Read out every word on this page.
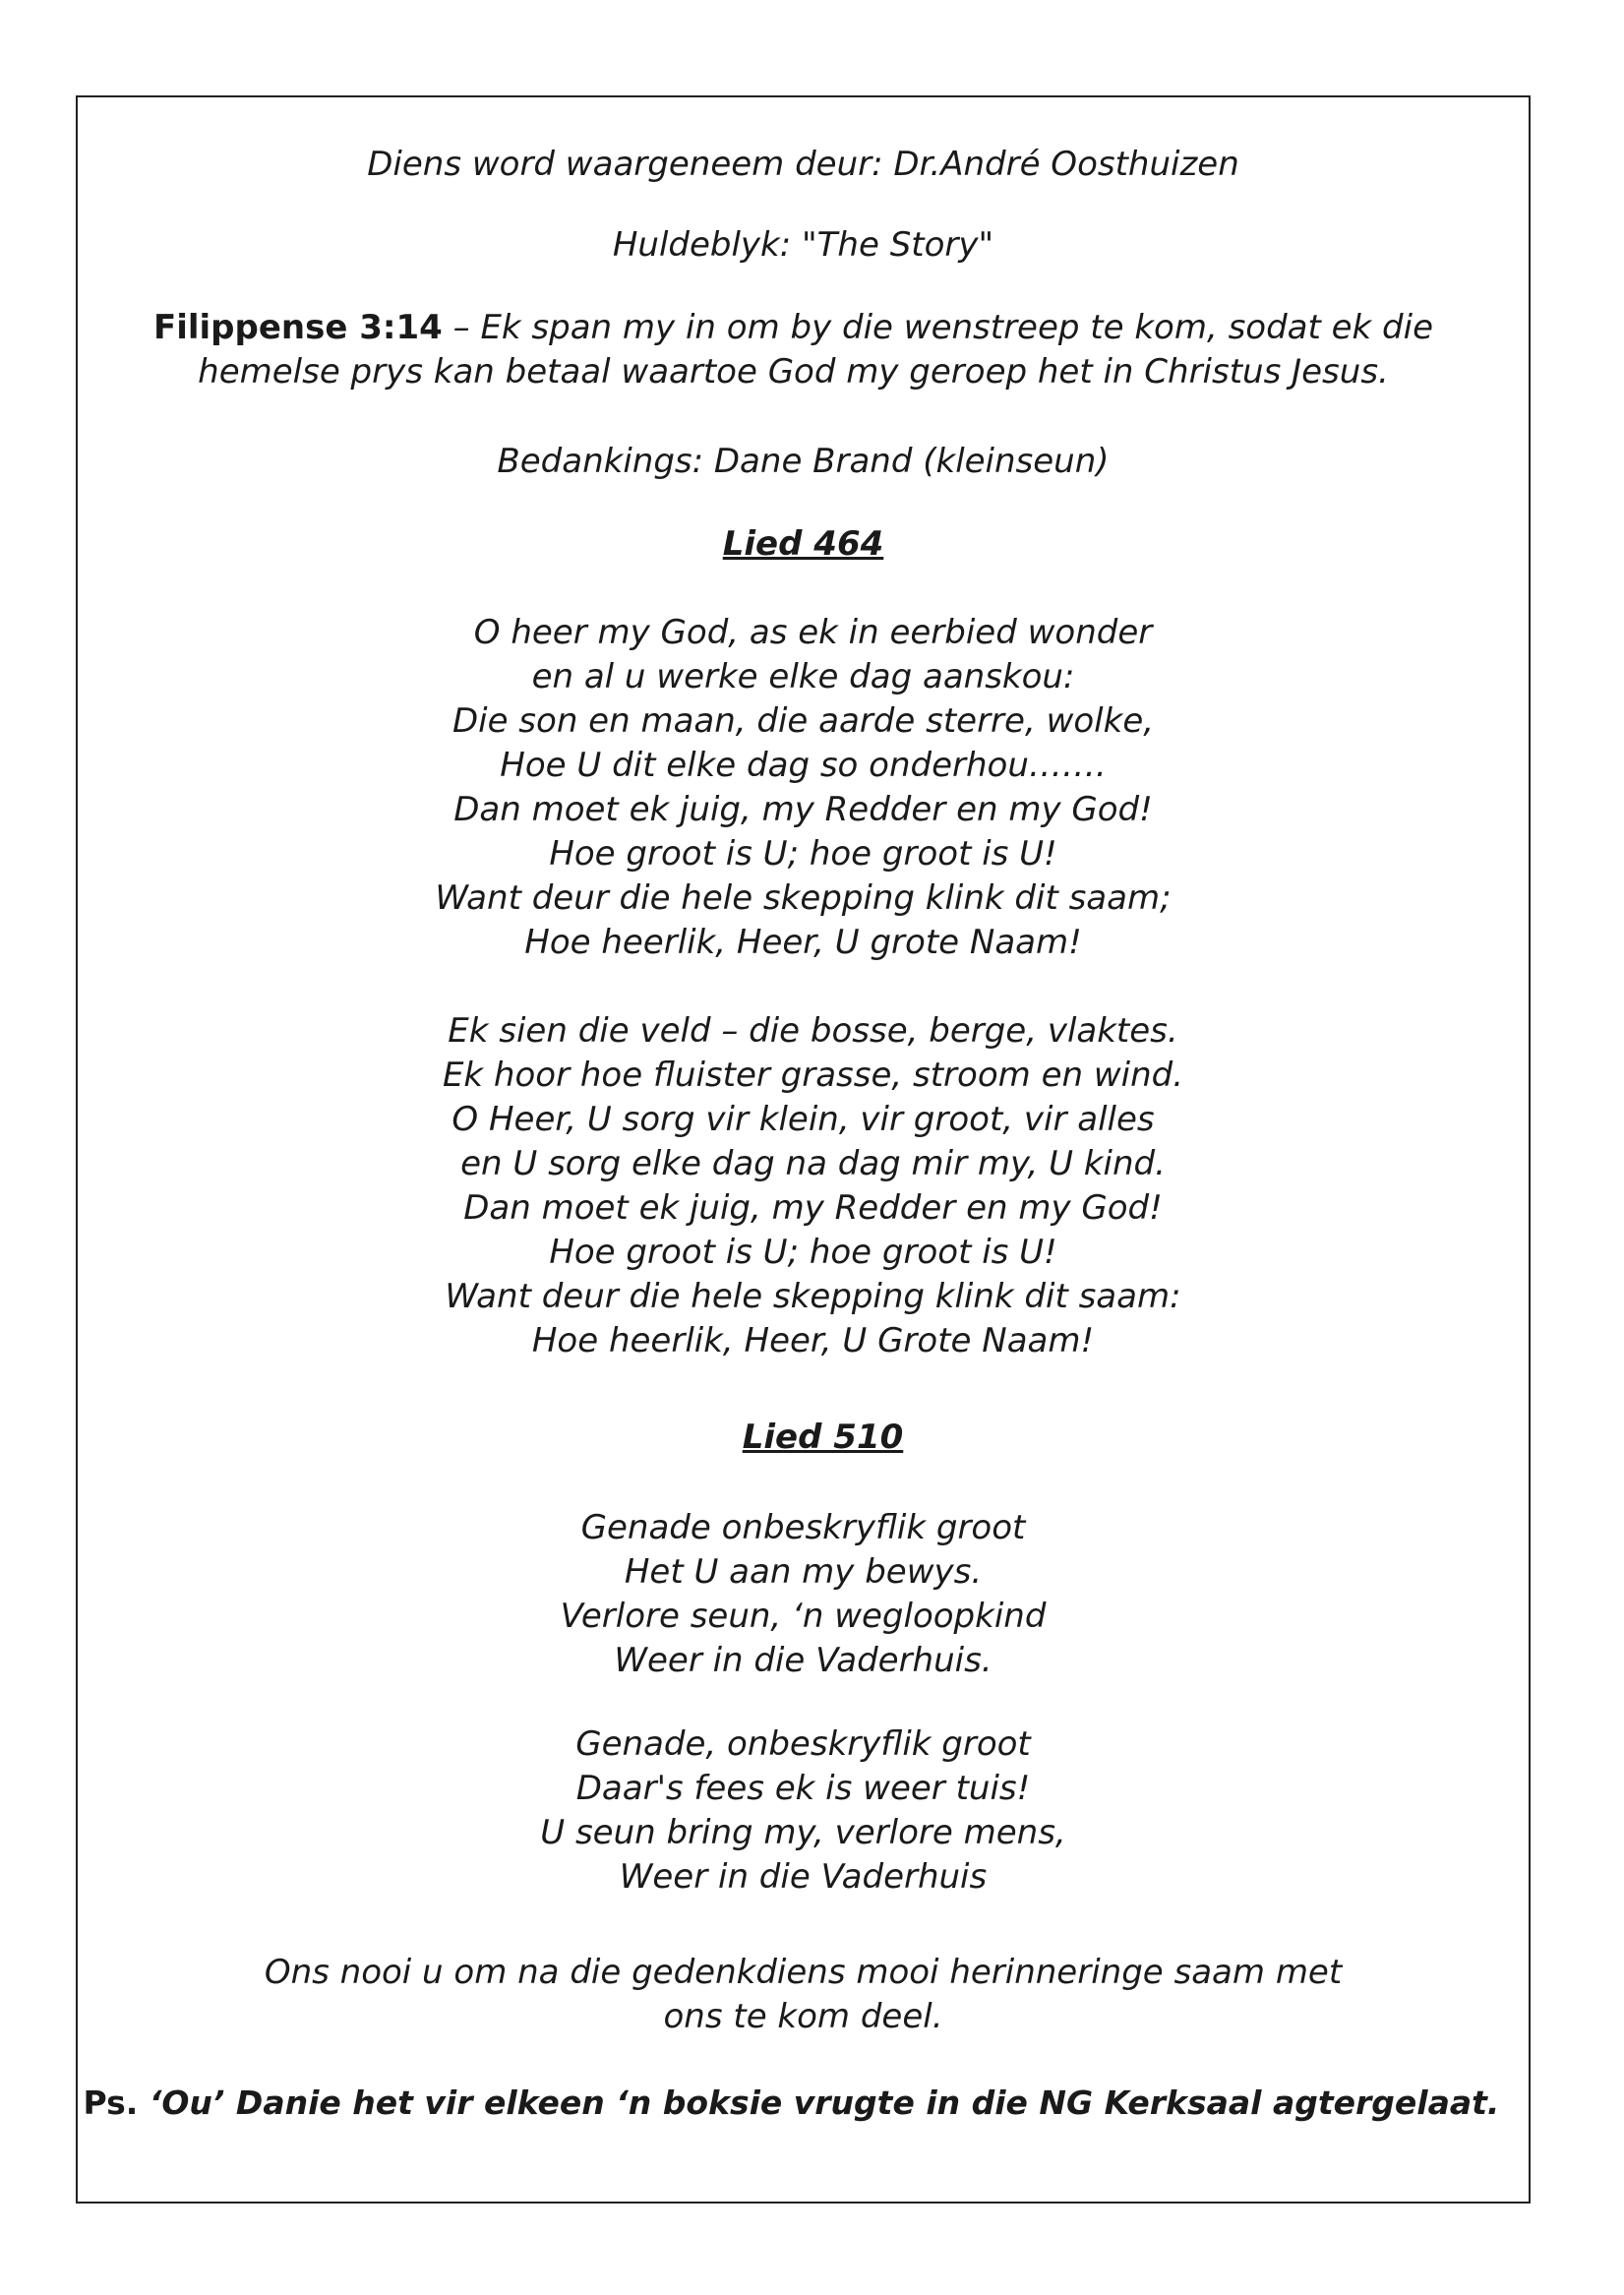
Diens word waargeneem deur: Dr.André Oosthuizen
Huldeblyk: "The Story"
Filippense 3:14 – Ek span my in om by die wenstreep te kom, sodat ek die
hemelse prys kan betaal waartoe God my geroep het in Christus Jesus.
Bedankings: Dane Brand (kleinseun)
Lied 464
O heer my God, as ek in eerbied wonder
en al u werke elke dag aanskou:
Die son en maan, die aarde sterre, wolke,
Hoe U dit elke dag so onderhou…….
Dan moet ek juig, my Redder en my God!
Hoe groot is U; hoe groot is U!
Want deur die hele skepping klink dit saam;
Hoe heerlik, Heer, U grote Naam!
Ek sien die veld – die bosse, berge, vlaktes.
Ek hoor hoe fluister grasse, stroom en wind.
O Heer, U sorg vir klein, vir groot, vir alles
en U sorg elke dag na dag mir my, U kind.
Dan moet ek juig, my Redder en my God!
Hoe groot is U; hoe groot is U!
Want deur die hele skepping klink dit saam:
Hoe heerlik, Heer, U Grote Naam!
Lied 510
Genade onbeskryflik groot
Het U aan my bewys.
Verlore seun, ‘n wegloopkind
Weer in die Vaderhuis.
Genade, onbeskryflik groot
Daar's fees ek is weer tuis!
U seun bring my, verlore mens,
Weer in die Vaderhuis
Ons nooi u om na die gedenkdiens mooi herinneringe saam met
ons te kom deel.
Ps. ‘Ou’ Danie het vir elkeen ‘n boksie vrugte in die NG Kerksaal agtergelaat.
